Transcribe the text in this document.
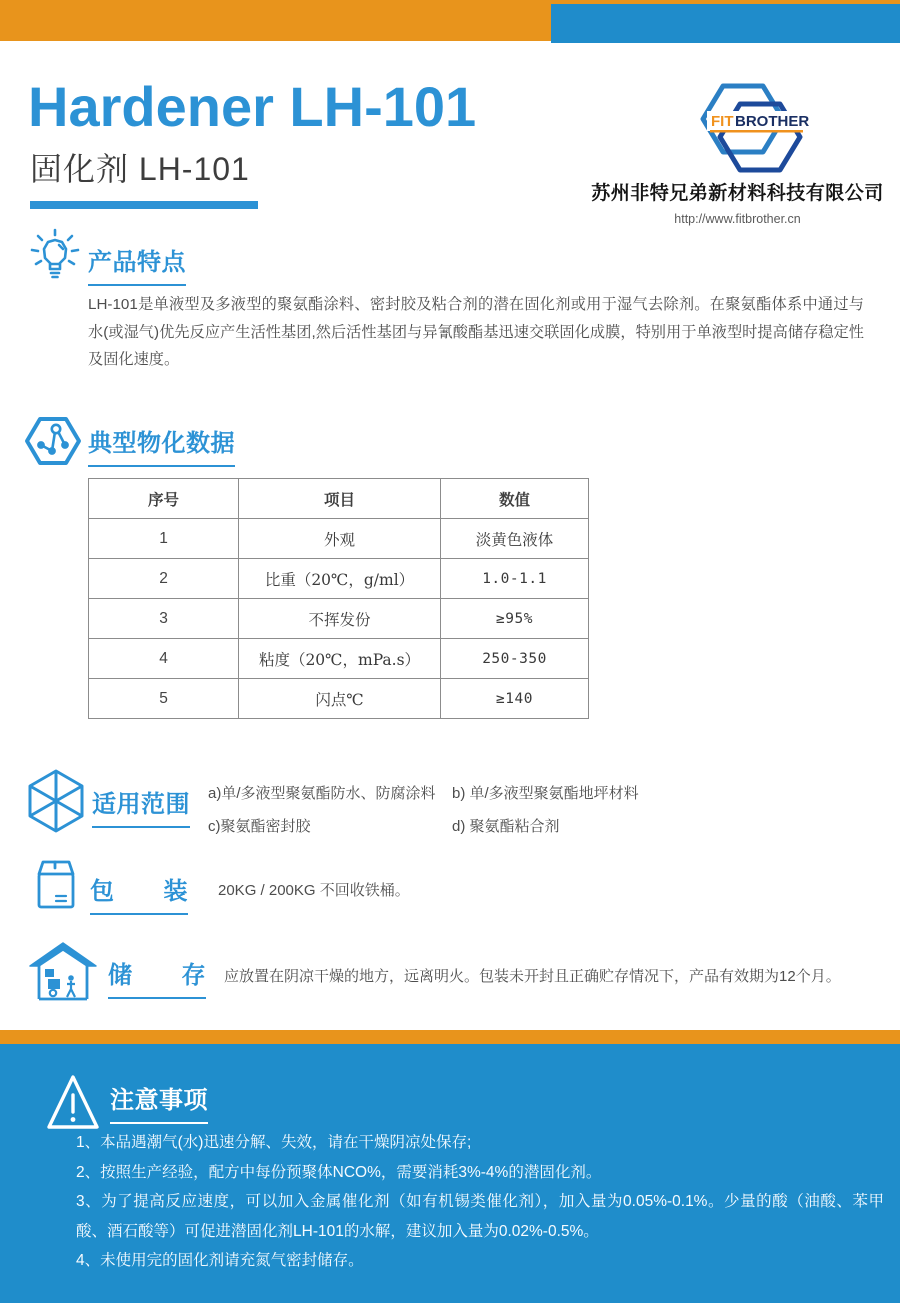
Hardener LH-101
固化剂 LH-101
FIT BROTHER
苏州非特兄弟新材料科技有限公司
http://www.fitbrother.cn
产品特点

LH-101是单液型及多液型的聚氨酯涂料、密封胶及粘合剂的潜在固化剂或用于湿气去除剂。在聚氨酯体系中通过与水(或湿气)优先反应产生活性基团,然后活性基团与异氰酸酯基迅速交联固化成膜，特别用于单液型时提高储存稳定性及固化速度。

典型物化数据
序号	项目	数值
1	外观	淡黄色液体
2	比重（20℃，g/ml）	1.0-1.1
3	不挥发份	≥95%
4	粘度（20℃，mPa.s）	250-350
5	闪点℃	≥140
适用范围 a)单/多液型聚氨酯防水、防腐涂料 b) 单/多液型聚氨酯地坪材料
c)聚氨酯密封胶	d) 聚氨酯粘合剂
包　　装 20KG / 200KG 不回收铁桶。
储　　存 应放置在阴凉干燥的地方，远离明火。包装未开封且正确贮存情况下，产品有效期为12个月。
注意事项
1、本品遇潮气(水)迅速分解、失效，请在干燥阴凉处保存;
2、按照生产经验，配方中每份预聚体NCO%，需要消耗3%-4%的潜固化剂。
3、为了提高反应速度，可以加入金属催化剂（如有机锡类催化剂），加入量为0.05%-0.1%。少量的酸（油酸、苯甲酸、酒石酸等）可促进潜固化剂LH-101的水解，建议加入量为0.02%-0.5%。
4、未使用完的固化剂请充氮气密封储存。
